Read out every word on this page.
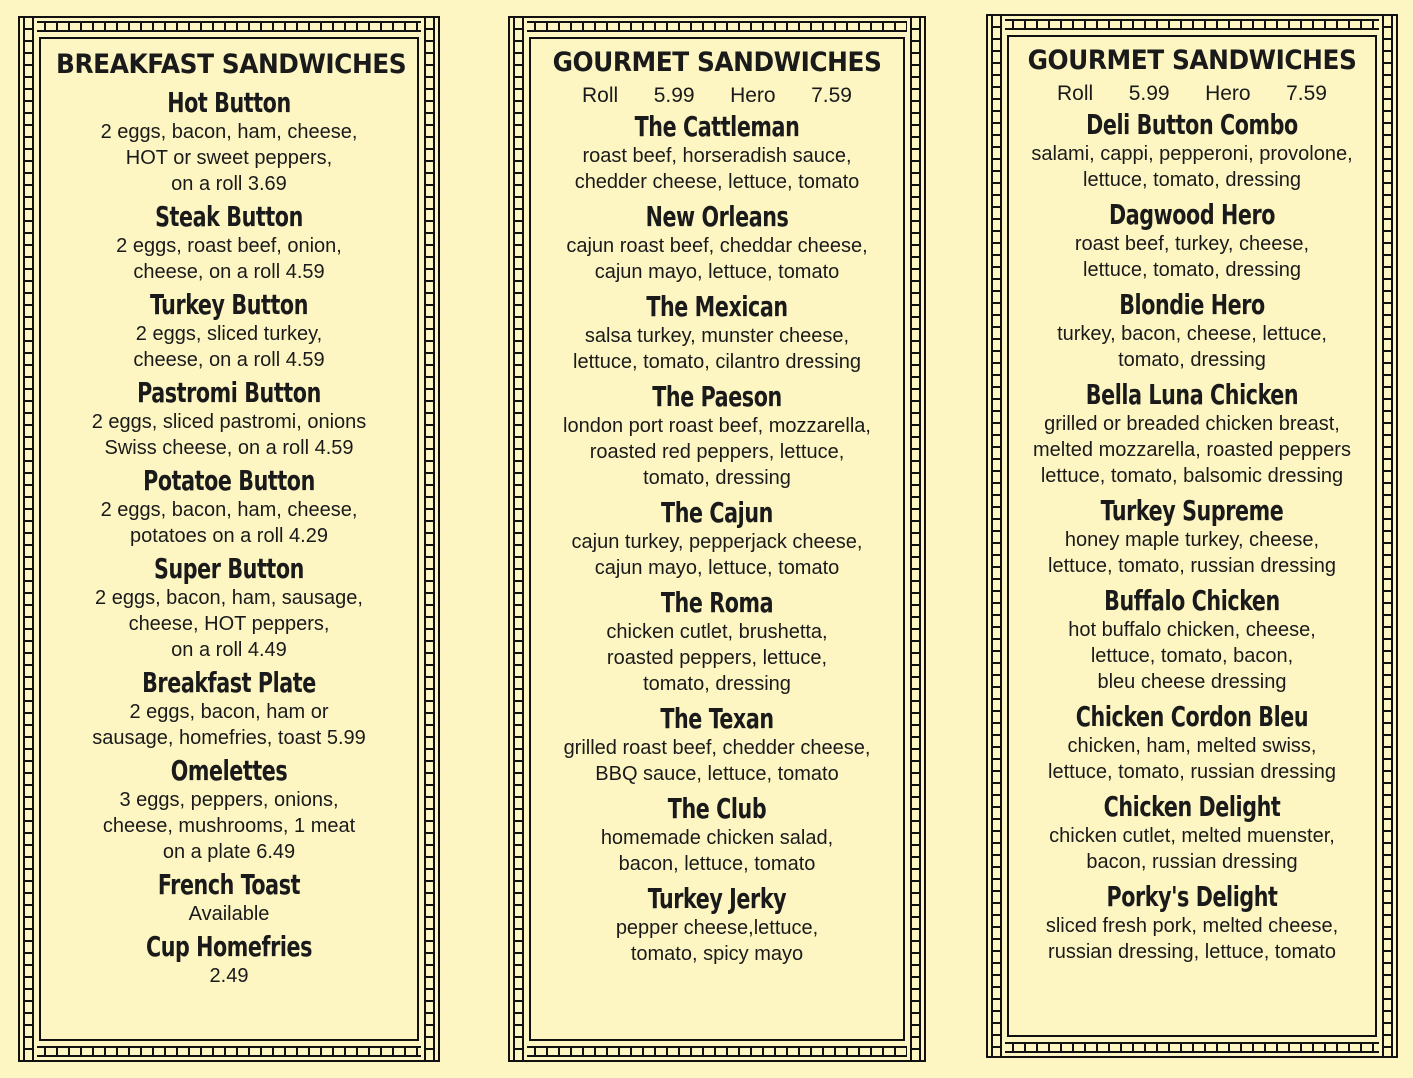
BREAKFAST SANDWICHES
Hot Button
2 eggs, bacon, ham, cheese,
HOT or sweet peppers,
on a roll 3.69
Steak Button
2 eggs, roast beef, onion,
cheese, on a roll 4.59
Turkey Button
2 eggs, sliced turkey,
cheese, on a roll 4.59
Pastromi Button
2 eggs, sliced pastromi, onions
Swiss cheese, on a roll 4.59
Potatoe Button
2 eggs, bacon, ham, cheese,
potatoes on a roll 4.29
Super Button
2 eggs, bacon, ham, sausage,
cheese, HOT peppers,
on a roll 4.49
Breakfast Plate
2 eggs, bacon, ham or
sausage, homefries, toast 5.99
Omelettes
3 eggs, peppers, onions,
cheese, mushrooms, 1 meat
on a plate 6.49
French Toast
Available
Cup Homefries
2.49
GOURMET SANDWICHES
Roll   5.99   Hero   7.59
The Cattleman
roast beef, horseradish sauce,
chedder cheese, lettuce, tomato
New Orleans
cajun roast beef, cheddar cheese,
cajun mayo, lettuce, tomato
The Mexican
salsa turkey, munster cheese,
lettuce, tomato, cilantro dressing
The Paeson
london port roast beef, mozzarella,
roasted red peppers, lettuce,
tomato, dressing
The Cajun
cajun turkey, pepperjack cheese,
cajun mayo, lettuce, tomato
The Roma
chicken cutlet, brushetta,
roasted peppers, lettuce,
tomato, dressing
The Texan
grilled roast beef, chedder cheese,
BBQ sauce, lettuce, tomato
The Club
homemade chicken salad,
bacon, lettuce, tomato
Turkey Jerky
pepper cheese,lettuce,
tomato, spicy mayo
GOURMET SANDWICHES
Roll   5.99   Hero   7.59
Deli Button Combo
salami, cappi, pepperoni, provolone,
lettuce, tomato, dressing
Dagwood Hero
roast beef, turkey, cheese,
lettuce, tomato, dressing
Blondie Hero
turkey, bacon, cheese, lettuce,
tomato, dressing
Bella Luna Chicken
grilled or breaded chicken breast,
melted mozzarella, roasted peppers
lettuce, tomato, balsomic dressing
Turkey Supreme
honey maple turkey, cheese,
lettuce, tomato, russian dressing
Buffalo Chicken
hot buffalo chicken, cheese,
lettuce, tomato, bacon,
bleu cheese dressing
Chicken Cordon Bleu
chicken, ham, melted swiss,
lettuce, tomato, russian dressing
Chicken Delight
chicken cutlet, melted muenster,
bacon, russian dressing
Porky's Delight
sliced fresh pork, melted cheese,
russian dressing, lettuce, tomato
